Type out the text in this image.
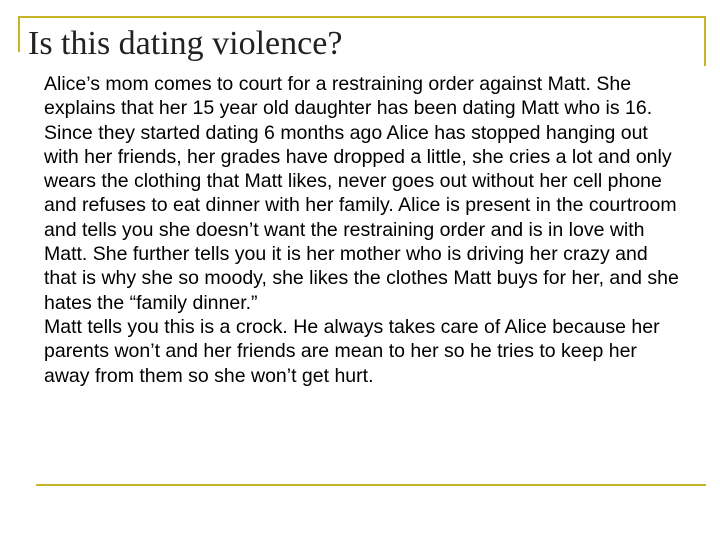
Is this dating violence?

Alice’s mom comes to court for a restraining order against Matt. She explains that her 15 year old daughter has been dating Matt who is 16. Since they started dating 6 months ago Alice has stopped hanging out with her friends, her grades have dropped a little, she cries a lot and only wears the clothing that Matt likes, never goes out without her cell phone and refuses to eat dinner with her family. Alice is present in the courtroom and tells you she doesn’t want the restraining order and is in love with Matt. She further tells you it is her mother who is driving her crazy and that is why she so moody, she likes the clothes Matt buys for her, and she hates the “family dinner.”

Matt tells you this is a crock. He always takes care of Alice because her parents won’t and her friends are mean to her so he tries to keep her away from them so she won’t get hurt.
